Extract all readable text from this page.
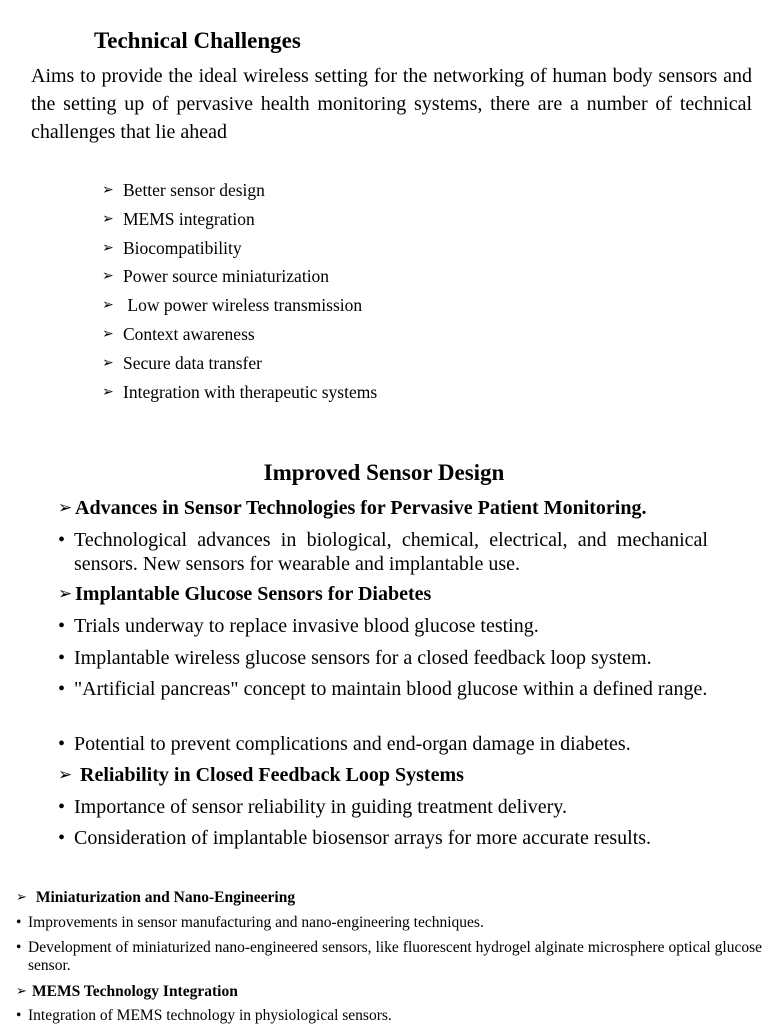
Technical Challenges

Aims to provide the ideal wireless setting for the networking of human body sensors and the setting up of pervasive health monitoring systems, there are a number of technical challenges that lie ahead

➢ Better sensor design
➢ MEMS integration
➢ Biocompatibility
➢ Power source miniaturization
➢ Low power wireless transmission
➢ Context awareness
➢ Secure data transfer
➢ Integration with therapeutic systems
Improved Sensor Design
➢ Advances in Sensor Technologies for Pervasive Patient Monitoring.
• Technological advances in biological, chemical, electrical, and mechanical sensors. New sensors for wearable and implantable use.
➢ Implantable Glucose Sensors for Diabetes
• Trials underway to replace invasive blood glucose testing.
• Implantable wireless glucose sensors for a closed feedback loop system.
• "Artificial pancreas" concept to maintain blood glucose within a defined range.
• Potential to prevent complications and end-organ damage in diabetes.
➢ Reliability in Closed Feedback Loop Systems
• Importance of sensor reliability in guiding treatment delivery.
• Consideration of implantable biosensor arrays for more accurate results.
➢ Miniaturization and Nano-Engineering
• Improvements in sensor manufacturing and nano-engineering techniques.
• Development of miniaturized nano-engineered sensors, like fluorescent hydrogel alginate microsphere optical glucose sensor.
➢ MEMS Technology Integration
• Integration of MEMS technology in physiological sensors.
